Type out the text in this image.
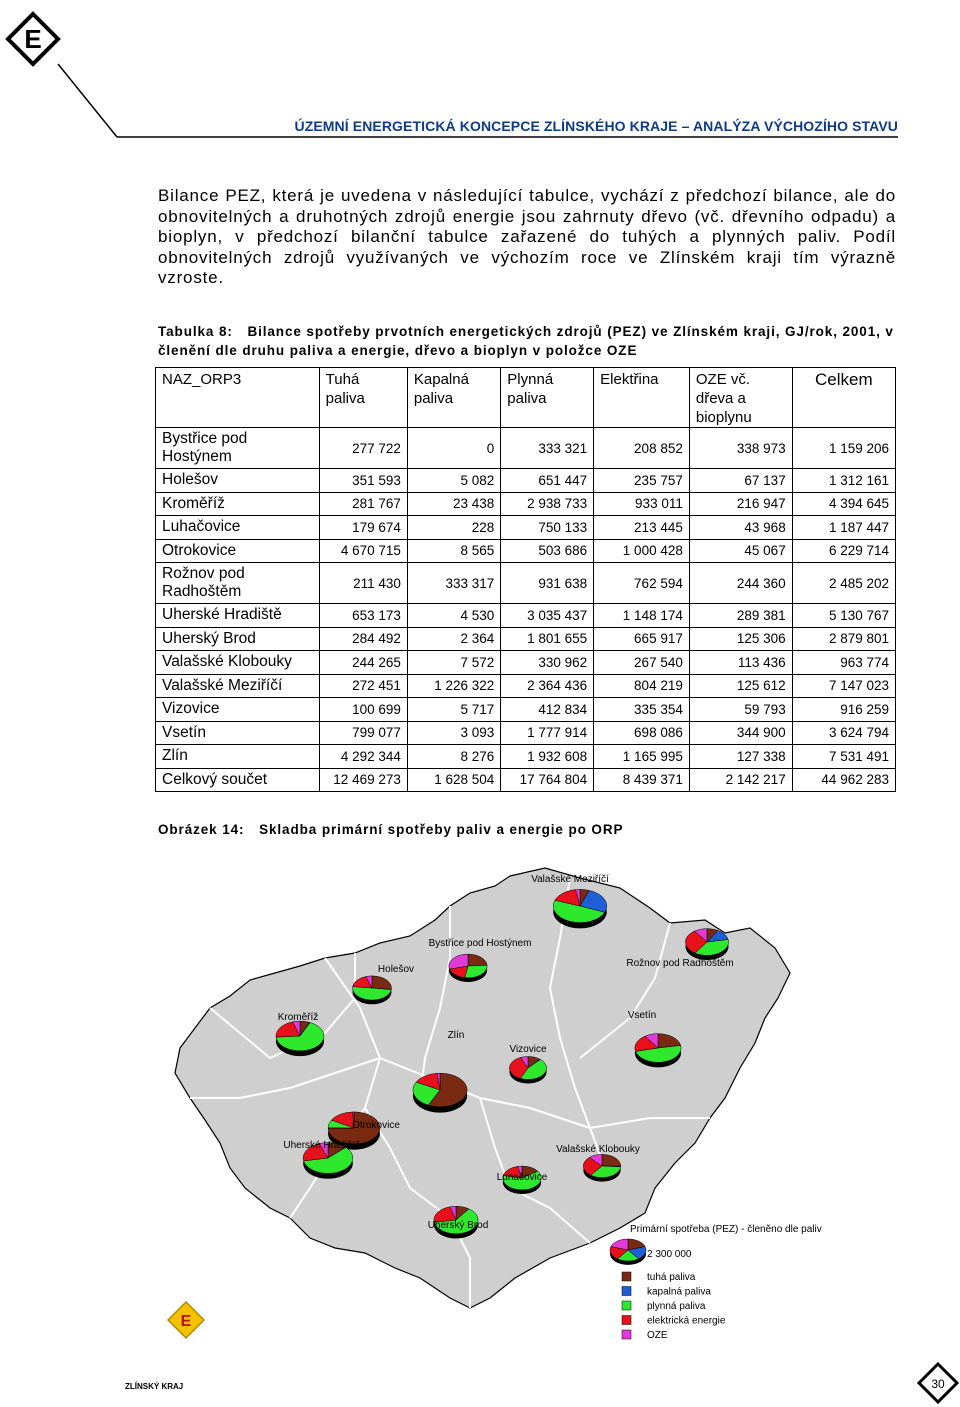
E
ÚZEMNÍ ENERGETICKÁ KONCEPCE ZLÍNSKÉHO KRAJE – ANALÝZA VÝCHOZÍHO STAVU

Bilance PEZ, která je uvedena v následující tabulce, vychází z předchozí bilance, ale do obnovitelných a druhotných zdrojů energie jsou zahrnuty dřevo (vč. dřevního odpadu) a bioplyn, v předchozí bilanční tabulce zařazené do tuhých a plynných paliv. Podíl obnovitelných zdrojů využívaných ve výchozím roce ve Zlínském kraji tím výrazně vzroste.

Tabulka 8: Bilance spotřeby prvotních energetických zdrojů (PEZ) ve Zlínském kraji, GJ/rok, 2001, v členění dle druhu paliva a energie, dřevo a bioplyn v položce OZE
NAZ_ORP3	Tuhá paliva	Kapalná paliva	Plynná paliva	Elektřina	OZE vč. dřeva a bioplynu	Celkem
Bystřice pod Hostýnem	277 722	0	333 321	208 852	338 973	1 159 206
Holešov	351 593	5 082	651 447	235 757	67 137	1 312 161
Kroměříž	281 767	23 438	2 938 733	933 011	216 947	4 394 645
Luhačovice	179 674	228	750 133	213 445	43 968	1 187 447
Otrokovice	4 670 715	8 565	503 686	1 000 428	45 067	6 229 714
Rožnov pod Radhoštěm	211 430	333 317	931 638	762 594	244 360	2 485 202
Uherské Hradiště	653 173	4 530	3 035 437	1 148 174	289 381	5 130 767
Uherský Brod	284 492	2 364	1 801 655	665 917	125 306	2 879 801
Valašské Klobouky	244 265	7 572	330 962	267 540	113 436	963 774
Valašské Meziříčí	272 451	1 226 322	2 364 436	804 219	125 612	7 147 023
Vizovice	100 699	5 717	412 834	335 354	59 793	916 259
Vsetín	799 077	3 093	1 777 914	698 086	344 900	3 624 794
Zlín	4 292 344	8 276	1 932 608	1 165 995	127 338	7 531 491
Celkový součet	12 469 273	1 628 504	17 764 804	8 439 371	2 142 217	44 962 283
Obrázek 14: Skladba primární spotřeby paliv a energie po ORP
Valašské Meziříčí
Bystřice pod Hostýnem
Holešov
Rožnov pod Radhoštěm
Kroměříž	Vsetín
Zlín
Vizovice
Otrokovice
Uherské Hradiště	Valašské Klobouky
Luhačovice
Uherský Brod	Primární spotřeba (PEZ) - členěno dle paliv
2 300 000
tuhá paliva
kapalná paliva
plynná paliva
elektrická energie
OZE
E
ZLÍNSKÝ KRAJ	30
